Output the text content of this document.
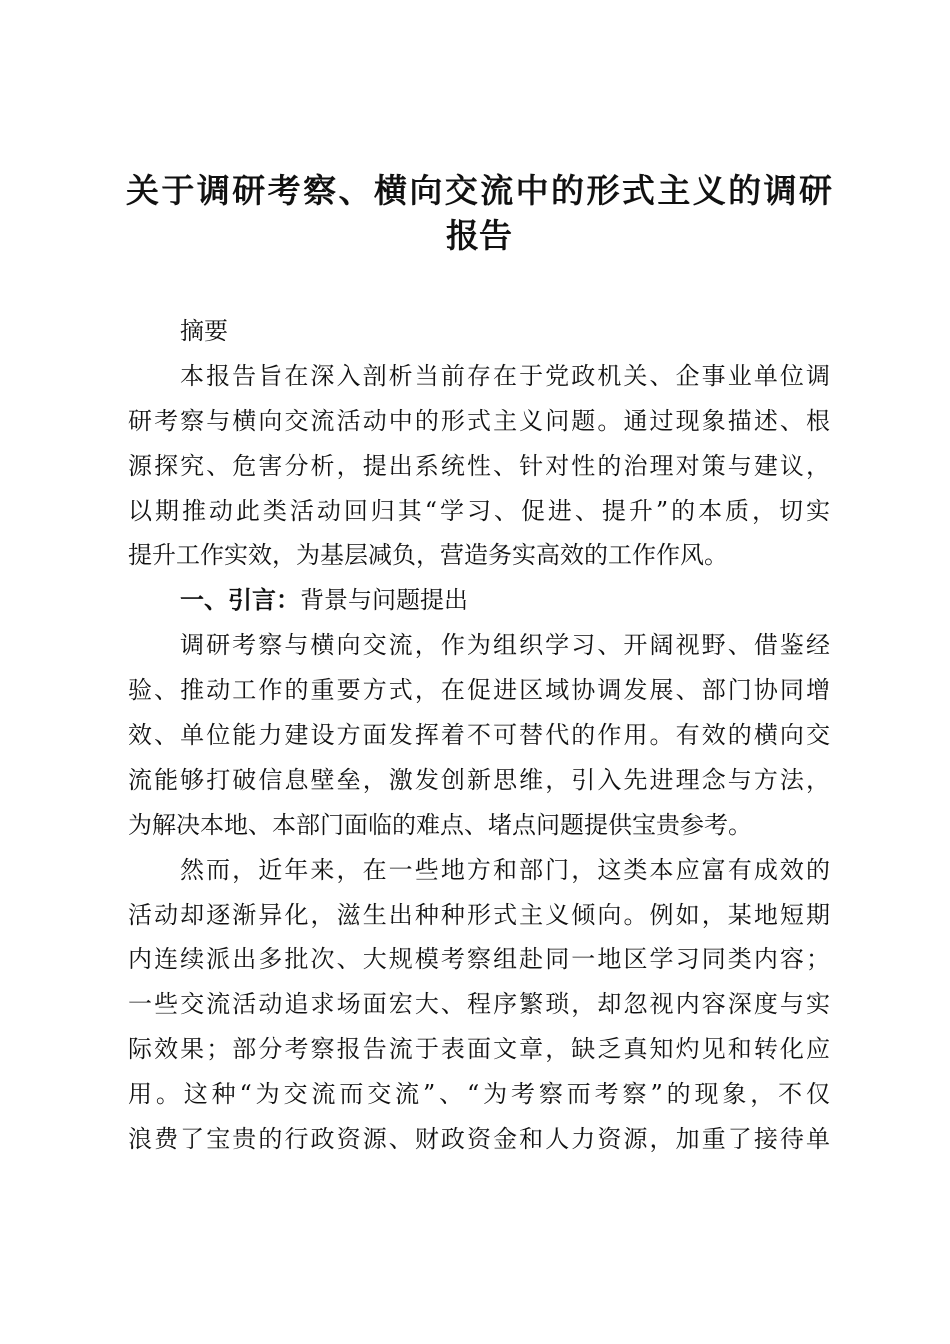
关于调研考察、横向交流中的形式主义的调研
报告
摘要
本报告旨在深入剖析当前存在于党政机关、企事业单位调
研考察与横向交流活动中的形式主义问题。通过现象描述、根
源探究、危害分析，提出系统性、针对性的治理对策与建议，
以期推动此类活动回归其“学习、促进、提升”的本质，切实
提升工作实效，为基层减负，营造务实高效的工作作风。
一、引言：背景与问题提出
调研考察与横向交流，作为组织学习、开阔视野、借鉴经
验、推动工作的重要方式，在促进区域协调发展、部门协同增
效、单位能力建设方面发挥着不可替代的作用。有效的横向交
流能够打破信息壁垒，激发创新思维，引入先进理念与方法，
为解决本地、本部门面临的难点、堵点问题提供宝贵参考。
然而，近年来，在一些地方和部门，这类本应富有成效的
活动却逐渐异化，滋生出种种形式主义倾向。例如，某地短期
内连续派出多批次、大规模考察组赴同一地区学习同类内容；
一些交流活动追求场面宏大、程序繁琐，却忽视内容深度与实
际效果；部分考察报告流于表面文章，缺乏真知灼见和转化应
用。这种“为交流而交流”、“为考察而考察”的现象，不仅
浪费了宝贵的行政资源、财政资金和人力资源，加重了接待单
